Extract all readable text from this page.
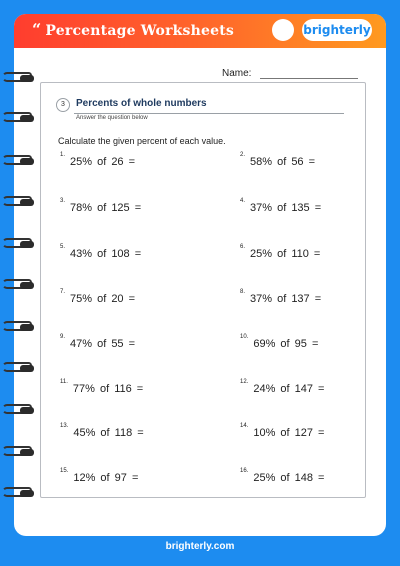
“ Percentage Worksheets	brighterly
Name:
3	Percents of whole numbers
Answer the question below
Calculate the given percent of each value.
$^{1.}$25% of 26 =
$^{2.}$58% of 56 =
$^{3.}$78% of 125 =
$^{4.}$37% of 135 =
$^{5.}$43% of 108 =
$^{6.}$25% of 110 =
$^{7.}$75% of 20 =
$^{8.}$37% of 137 =
$^{9.}$47% of 55 =
$^{10.}$69% of 95 =
$^{11.}$77% of 116 =
$^{12.}$24% of 147 =
$^{13.}$45% of 118 =
$^{14.}$10% of 127 =
$^{15.}$12% of 97 =
$^{16.}$25% of 148 =
brighterly.com
